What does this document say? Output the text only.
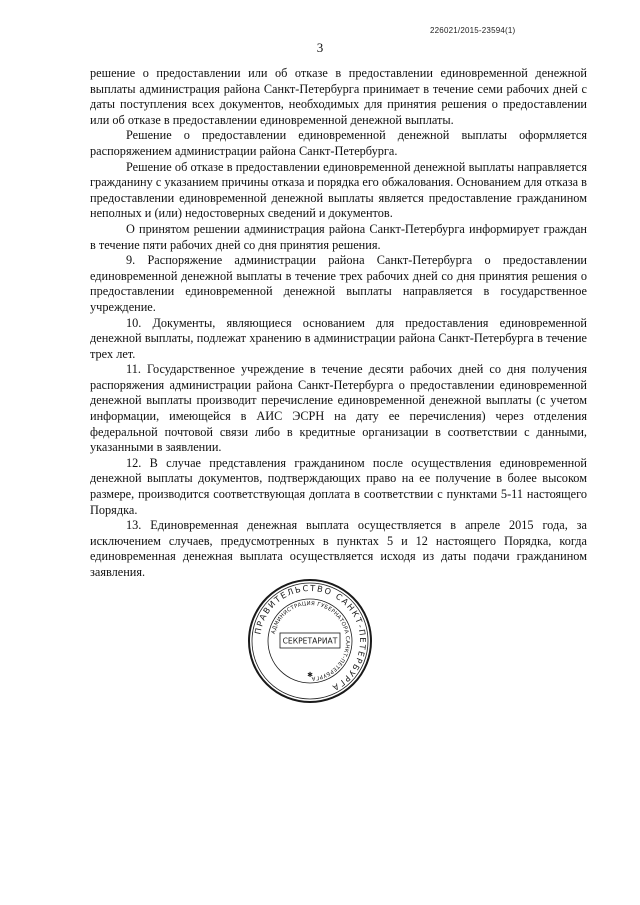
226021/2015-23594(1)
3

решение о предоставлении или об отказе в предоставлении единовременной денежной выплаты администрация района Санкт-Петербурга принимает в течение семи рабочих дней с даты поступления всех документов, необходимых для принятия решения о предоставлении или об отказе в предоставлении единовременной денежной выплаты.

Решение о предоставлении единовременной денежной выплаты оформляется распоряжением администрации района Санкт-Петербурга.

Решение об отказе в предоставлении единовременной денежной выплаты направляется гражданину с указанием причины отказа и порядка его обжалования. Основанием для отказа в предоставлении единовременной денежной выплаты является предоставление гражданином неполных и (или) недостоверных сведений и документов.

О принятом решении администрация района Санкт-Петербурга информирует граждан в течение пяти рабочих дней со дня принятия решения.

9. Распоряжение администрации района Санкт-Петербурга о предоставлении единовременной денежной выплаты в течение трех рабочих дней со дня принятия решения о предоставлении единовременной денежной выплаты направляется в государственное учреждение.

10. Документы, являющиеся основанием для предоставления единовременной денежной выплаты, подлежат хранению в администрации района Санкт-Петербурга в течение трех лет.

11. Государственное учреждение в течение десяти рабочих дней со дня получения распоряжения администрации района Санкт-Петербурга о предоставлении единовременной денежной выплаты производит перечисление единовременной денежной выплаты (с учетом информации, имеющейся в АИС ЭСРН на дату ее перечисления) через отделения федеральной почтовой связи либо в кредитные организации в соответствии с данными, указанными в заявлении.

12. В случае представления гражданином после осуществления единовременной денежной выплаты документов, подтверждающих право на ее получение в более высоком размере, производится соответствующая доплата в соответствии с пунктами 5-11 настоящего Порядка.

13. Единовременная денежная выплата осуществляется в апреле 2015 года, за исключением случаев, предусмотренных в пунктах 5 и 12 настоящего Порядка, когда единовременная денежная выплата осуществляется исходя из даты подачи гражданином заявления.

ПРАВИТЕЛЬСТВО САНКТ-ПЕТЕРБУРГА
АДМИНИСТРАЦИЯ ГУБЕРНАТОРА САНКТ-ПЕТЕРБУРГА
СЕКРЕТАРИАТ
✱
